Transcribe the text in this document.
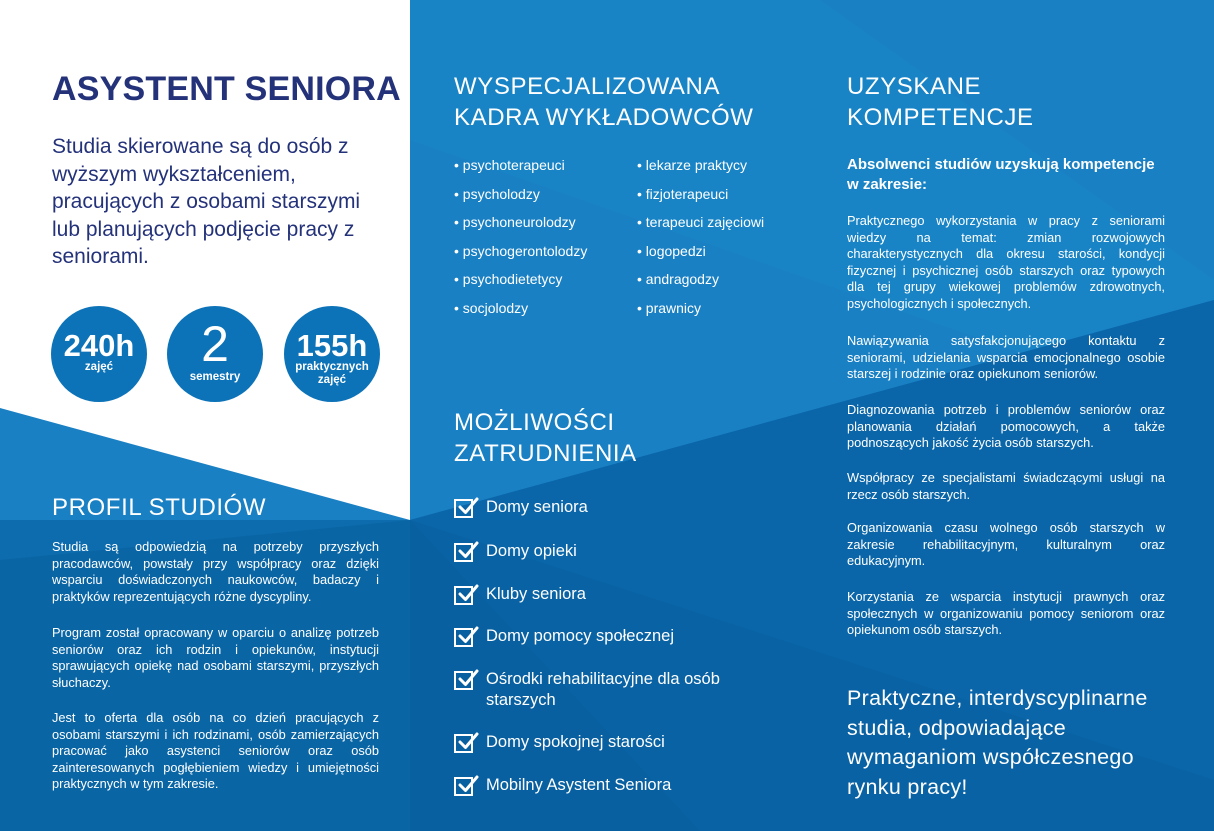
ASYSTENT SENIORA

Studia skierowane są do osób z wyższym wykształceniem, pracujących z osobami starszymi lub planujących podjęcie pracy z seniorami.

240h
zajęć	2
semestry
155h
praktycznych
zajęć
PROFIL STUDIÓW

Studia są odpowiedzią na potrzeby przyszłych pracodawców, powstały przy współpracy oraz dzięki wsparciu doświadczonych naukowców, badaczy i praktyków reprezentujących różne dyscypliny.

Program został opracowany w oparciu o analizę potrzeb seniorów oraz ich rodzin i opiekunów, instytucji sprawujących opiekę nad osobami starszymi, przyszłych słuchaczy.

Jest to oferta dla osób na co dzień pracujących z osobami starszymi i ich rodzinami, osób zamierzających pracować jako asystenci seniorów oraz osób zainteresowanych pogłębieniem wiedzy i umiejętności praktycznych w tym zakresie.

WYSPECJALIZOWANA
KADRA WYKŁADOWCÓW
• psychoterapeuci
• psycholodzy
• psychoneurolodzy
• psychogerontolodzy
• psychodietetycy
• socjolodzy
• lekarze praktycy
• fizjoterapeuci
• terapeuci zajęciowi
• logopedzi
• andragodzy
• prawnicy
MOŻLIWOŚCI
ZATRUDNIENIA
Domy seniora
Domy opieki
Kluby seniora
Domy pomocy społecznej
Ośrodki rehabilitacyjne dla osób starszych
Domy spokojnej starości
Mobilny Asystent Seniora
UZYSKANE
KOMPETENCJE

Absolwenci studiów uzyskują kompetencje w zakresie:

Praktycznego wykorzystania w pracy z seniorami wiedzy na temat: zmian rozwojowych charakterystycznych dla okresu starości, kondycji fizycznej i psychicznej osób starszych oraz typowych dla tej grupy wiekowej problemów zdrowotnych, psychologicznych i społecznych.

Nawiązywania satysfakcjonującego kontaktu z seniorami, udzielania wsparcia emocjonalnego osobie starszej i rodzinie oraz opiekunom seniorów.

Diagnozowania potrzeb i problemów seniorów oraz planowania działań pomocowych, a także podnoszących jakość życia osób starszych.

Współpracy ze specjalistami świadczącymi usługi na rzecz osób starszych.

Organizowania czasu wolnego osób starszych w zakresie rehabilitacyjnym, kulturalnym oraz edukacyjnym.

Korzystania ze wsparcia instytucji prawnych oraz społecznych w organizowaniu pomocy seniorom oraz opiekunom osób starszych.

Praktyczne, interdyscyplinarne studia, odpowiadające wymaganiom współczesnego rynku pracy!
